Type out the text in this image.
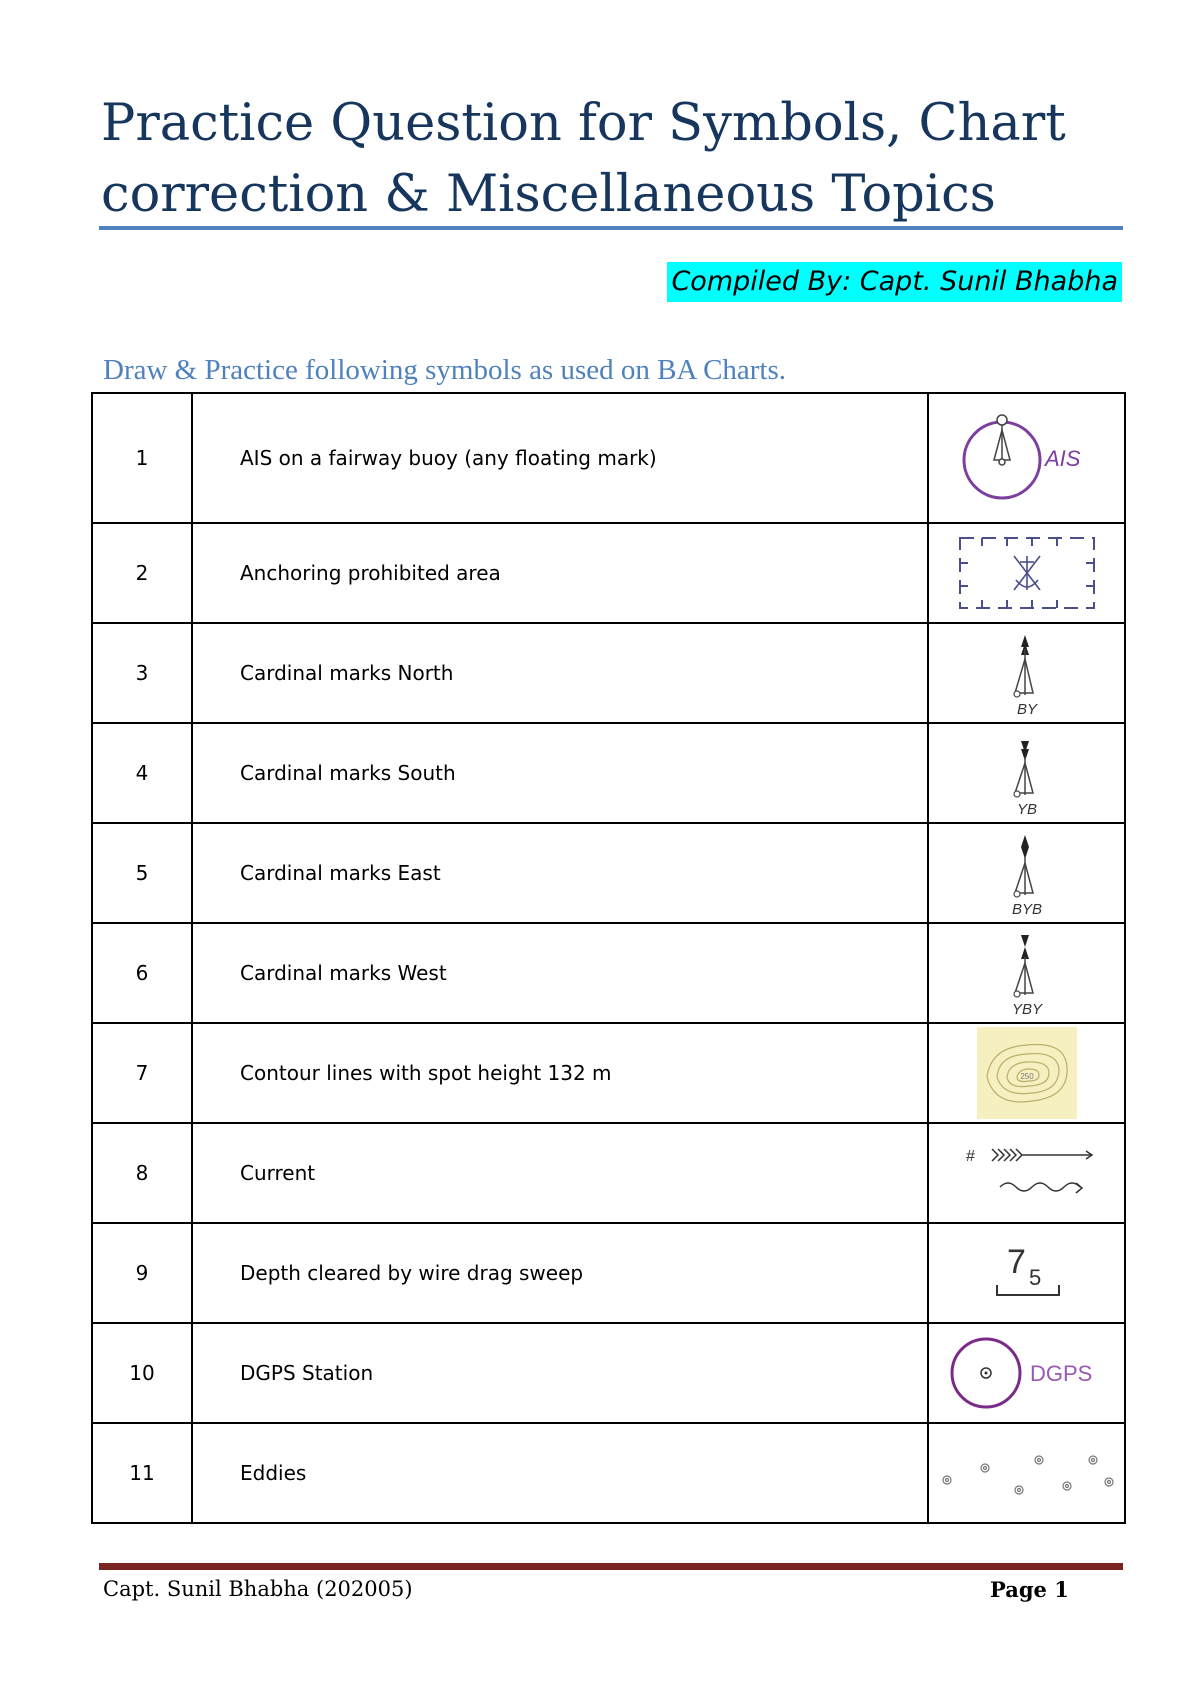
Practice Question for Symbols, Chart correction & Miscellaneous Topics
Compiled By: Capt. Sunil Bhabha
Draw & Practice following symbols as used on BA Charts.
1	AIS on a fairway buoy (any floating mark)	AIS

2	Anchoring prohibited area	

3	Cardinal marks North	BY

4	Cardinal marks South	YB

5	Cardinal marks East	BYB

6	Cardinal marks West	YBY

7	Contour lines with spot height 132 m	250

8	Current	#

9	Depth cleared by wire drag sweep	7 5

10	DGPS Station	DGPS

11	Eddies	
Capt. Sunil Bhabha (202005)	Page 1
